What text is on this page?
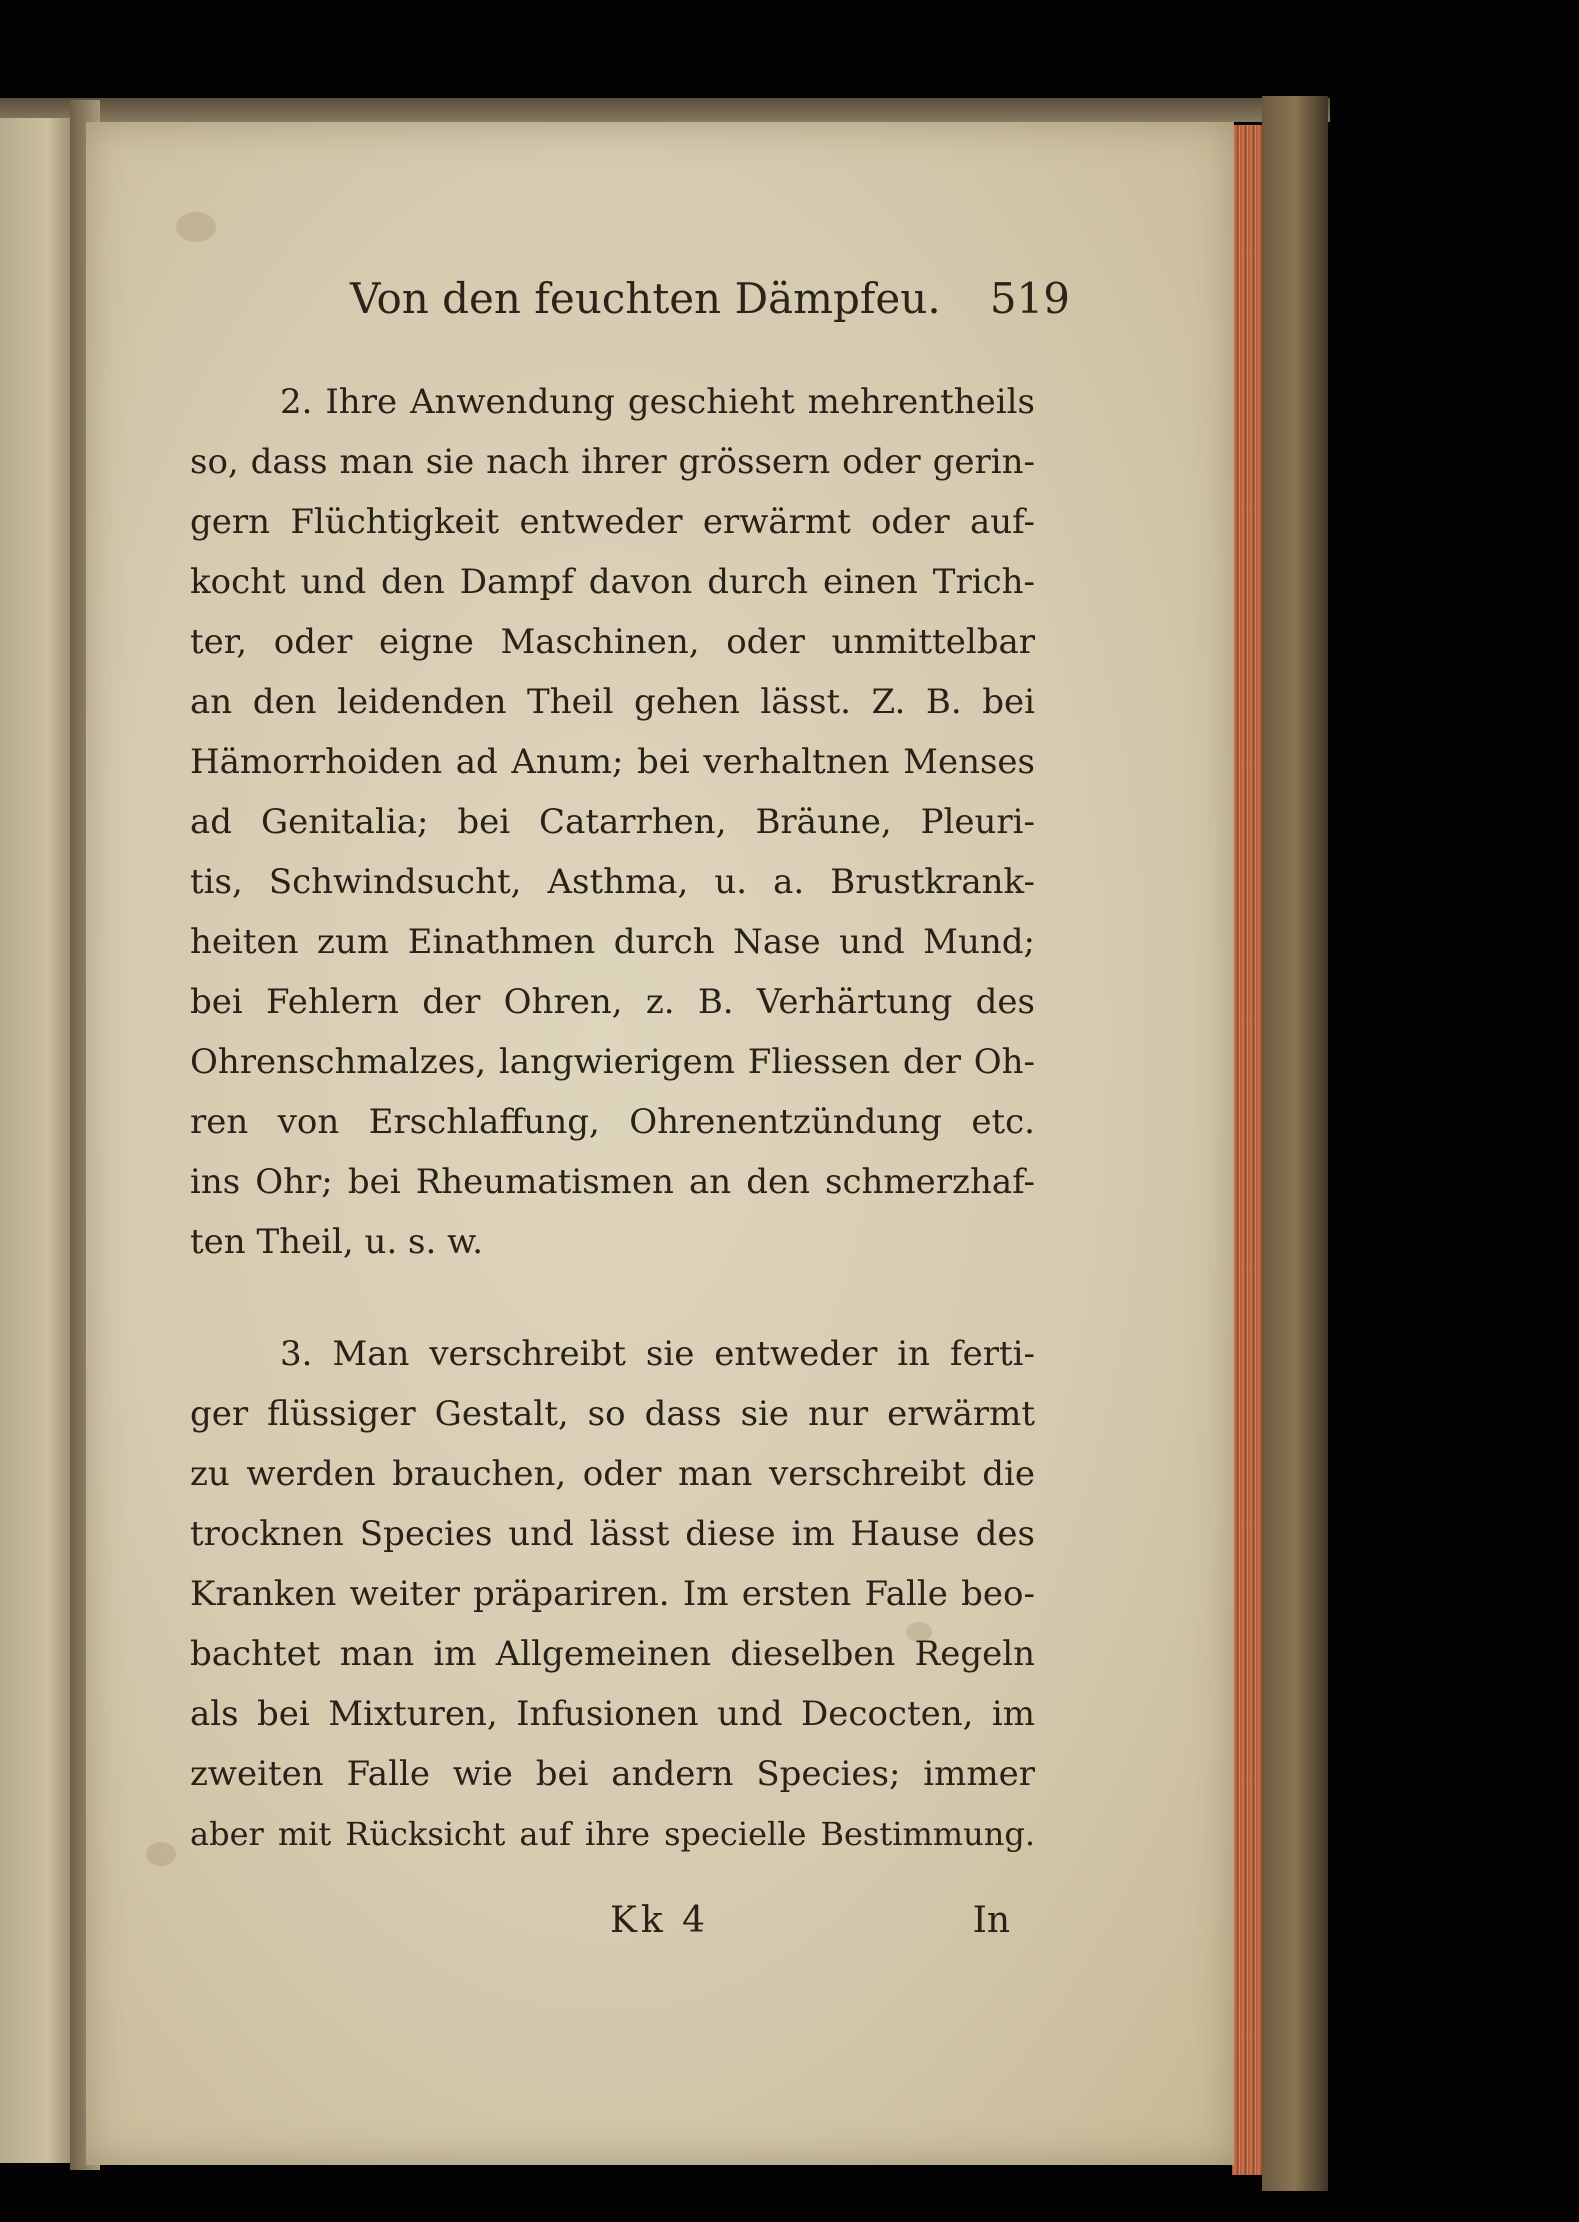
Von den feuchten Dämpfeu. 519
2. Ihre Anwendung geschieht mehrentheils
so, dass man sie nach ihrer grössern oder gerin-
gern Flüchtigkeit entweder erwärmt oder auf-
kocht und den Dampf davon durch einen Trich-
ter, oder eigne Maschinen, oder unmittelbar
an den leidenden Theil gehen lässt. Z. B. bei
Hämorrhoiden ad Anum; bei verhaltnen Menses
ad Genitalia; bei Catarrhen, Bräune, Pleuri-
tis, Schwindsucht, Asthma, u. a. Brustkrank-
heiten zum Einathmen durch Nase und Mund;
bei Fehlern der Ohren, z. B. Verhärtung des
Ohrenschmalzes, langwierigem Fliessen der Oh-
ren von Erschlaffung, Ohrenentzündung etc.
ins Ohr; bei Rheumatismen an den schmerzhaf-
ten Theil, u. s. w.
3. Man verschreibt sie entweder in ferti-
ger flüssiger Gestalt, so dass sie nur erwärmt
zu werden brauchen, oder man verschreibt die
trocknen Species und lässt diese im Hause des
Kranken weiter präpariren. Im ersten Falle beo-
bachtet man im Allgemeinen dieselben Regeln
als bei Mixturen, Infusionen und Decocten, im
zweiten Falle wie bei andern Species; immer
aber mit Rücksicht auf ihre specielle Bestimmung.
Kk 4	In
